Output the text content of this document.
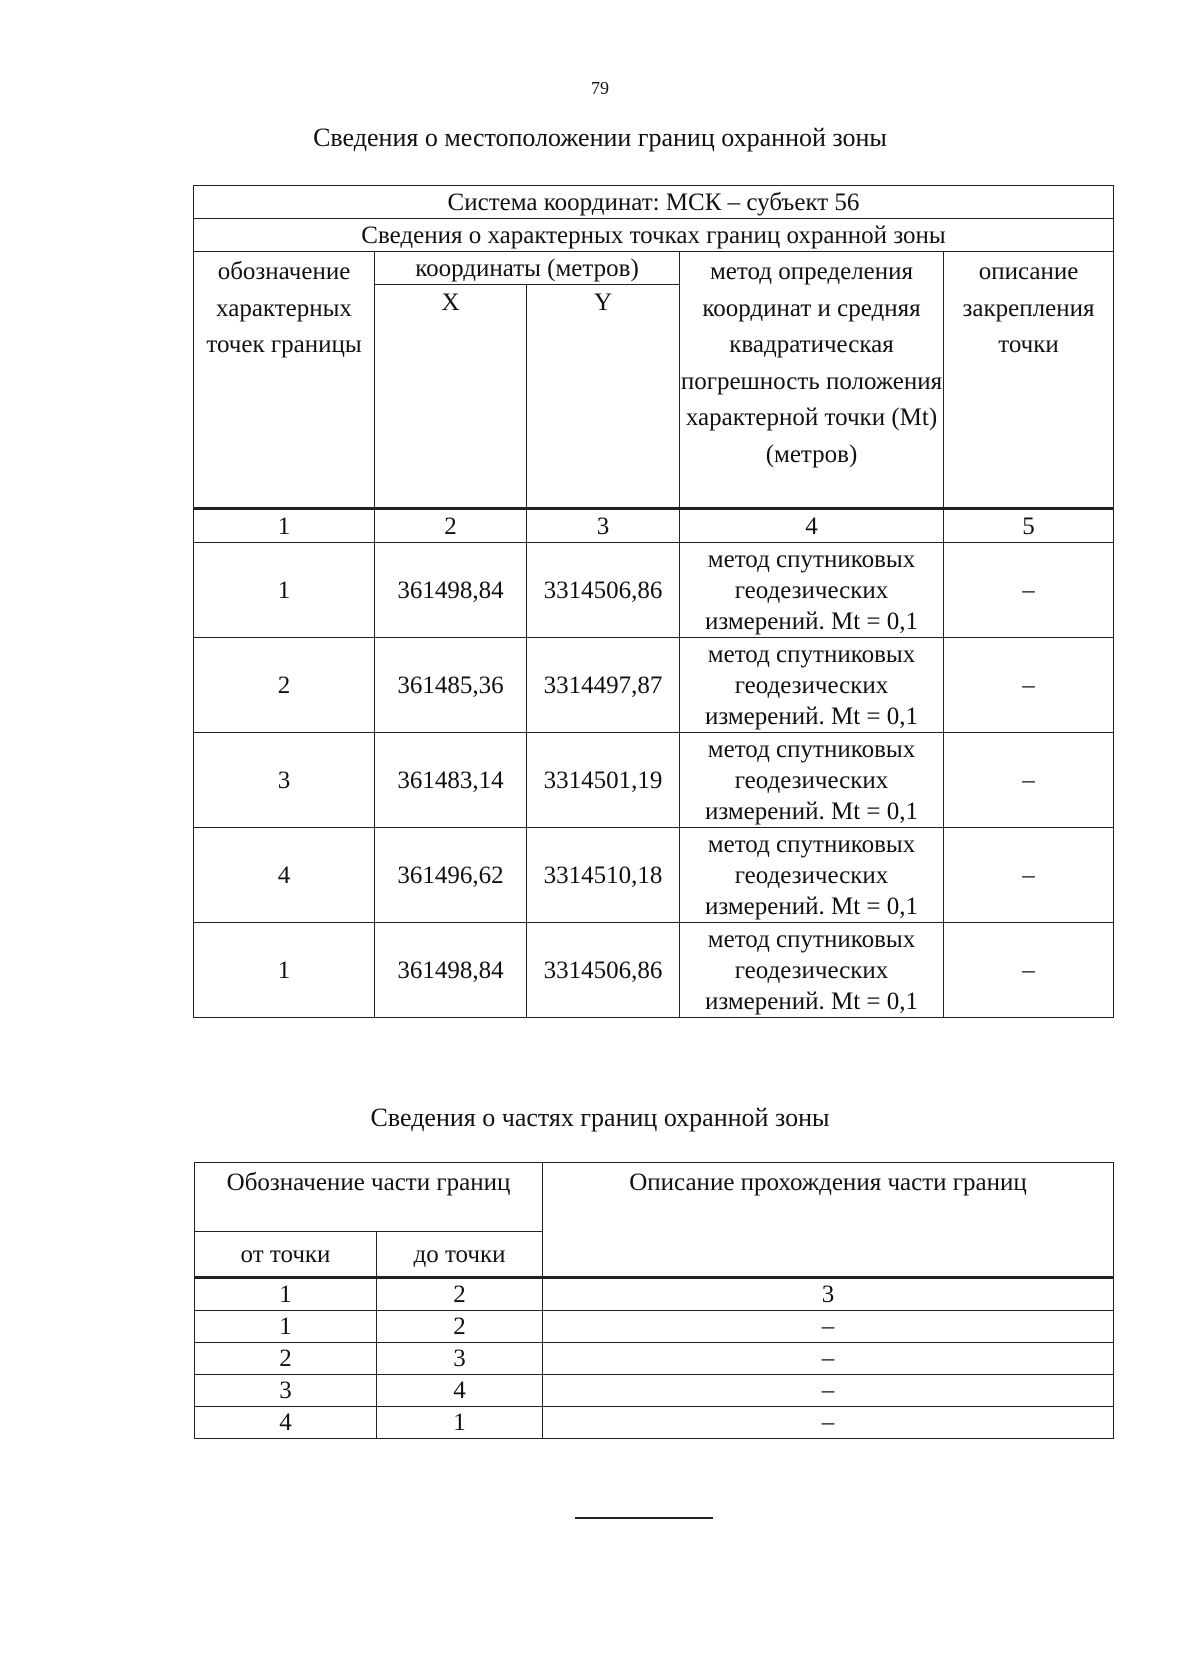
79
Сведения о местоположении границ охранной зоны
Система координат: МСК – субъект 56				
Сведения о характерных точках границ охранной зоны				
обозначение характерных точек границы	координаты (метров)		метод определения координат и средняя квадратическая погрешность положения характерной точки (Mt) (метров)	описание закрепления точки
	X	Y		
1	2	3	4	5
1	361498,84	3314506,86	метод спутниковых геодезических измерений. Mt = 0,1	–
2	361485,36	3314497,87	метод спутниковых геодезических измерений. Mt = 0,1	–
3	361483,14	3314501,19	метод спутниковых геодезических измерений. Mt = 0,1	–
4	361496,62	3314510,18	метод спутниковых геодезических измерений. Mt = 0,1	–
1	361498,84	3314506,86	метод спутниковых геодезических измерений. Mt = 0,1	–
Сведения о частях границ охранной зоны
Обозначение части границ		Описание прохождения части границ
от точки	до точки	
1	2	3
1	2	–
2	3	–
3	4	–
4	1	–
